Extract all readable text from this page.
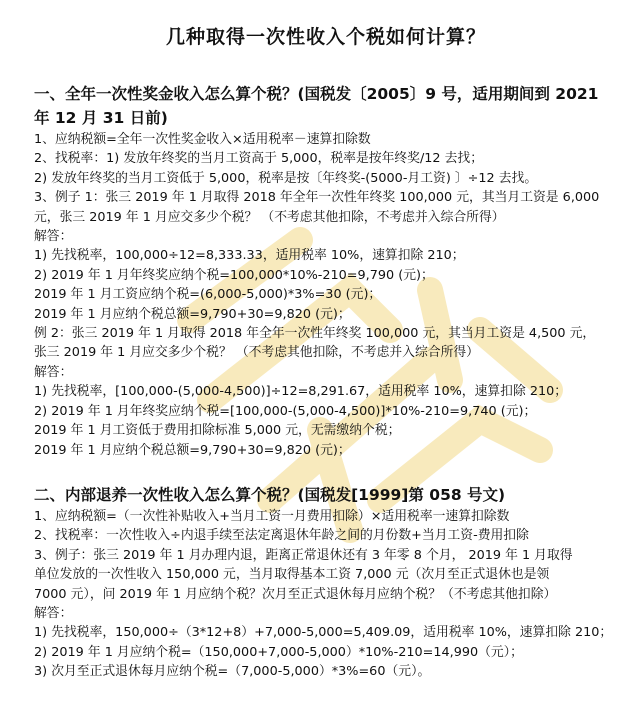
几种取得一次性收入个税如何计算？

一、全年一次性奖金收入怎么算个税？(国税发〔2005〕9 号，适用期间到 2021

年 12 月 31 日前)

1、应纳税额=全年一次性奖金收入×适用税率－速算扣除数

2、找税率：1) 发放年终奖的当月工资高于 5,000，税率是按年终奖/12 去找；

2) 发放年终奖的当月工资低于 5,000，税率是按〔年终奖-(5000-月工资) 〕÷12 去找。

3、例子 1：张三 2019 年 1 月取得 2018 年全年一次性年终奖 100,000 元，其当月工资是 6,000

元，张三 2019 年 1 月应交多少个税？ （不考虑其他扣除，不考虑并入综合所得）

解答：

1) 先找税率，100,000÷12=8,333.33，适用税率 10%，速算扣除 210；

2) 2019 年 1 月年终奖应纳个税=100,000*10%-210=9,790 (元)；

2019 年 1 月工资应纳个税=(6,000-5,000)*3%=30 (元)；

2019 年 1 月应纳个税总额=9,790+30=9,820 (元)；

例 2：张三 2019 年 1 月取得 2018 年全年一次性年终奖 100,000 元，其当月工资是 4,500 元，

张三 2019 年 1 月应交多少个税？ （不考虑其他扣除，不考虑并入综合所得）

解答：

1) 先找税率，[100,000-(5,000-4,500)]÷12=8,291.67，适用税率 10%，速算扣除 210；

2) 2019 年 1 月年终奖应纳个税=[100,000-(5,000-4,500)]*10%-210=9,740 (元)；

2019 年 1 月工资低于费用扣除标准 5,000 元，无需缴纳个税；

2019 年 1 月应纳个税总额=9,790+30=9,820 (元)；

二、内部退养一次性收入怎么算个税？(国税发[1999]第 058 号文)

1、应纳税额=（一次性补贴收入+当月工资一月费用扣除）×适用税率一速算扣除数

2、找税率：一次性收入÷内退手续至法定离退休年龄之间的月份数+当月工资-费用扣除

3、例子：张三 2019 年 1 月办理内退，距离正常退休还有 3 年零 8 个月， 2019 年 1 月取得

单位发放的一次性收入 150,000 元，当月取得基本工资 7,000 元（次月至正式退休也是领

7000 元），问 2019 年 1 月应纳个税？次月至正式退休每月应纳个税？（不考虑其他扣除）

解答：

1) 先找税率，150,000÷（3*12+8）+7,000-5,000=5,409.09，适用税率 10%，速算扣除 210；

2) 2019 年 1 月应纳个税=（150,000+7,000-5,000）*10%-210=14,990（元）；

3) 次月至正式退休每月应纳个税=（7,000-5,000）*3%=60（元）。
